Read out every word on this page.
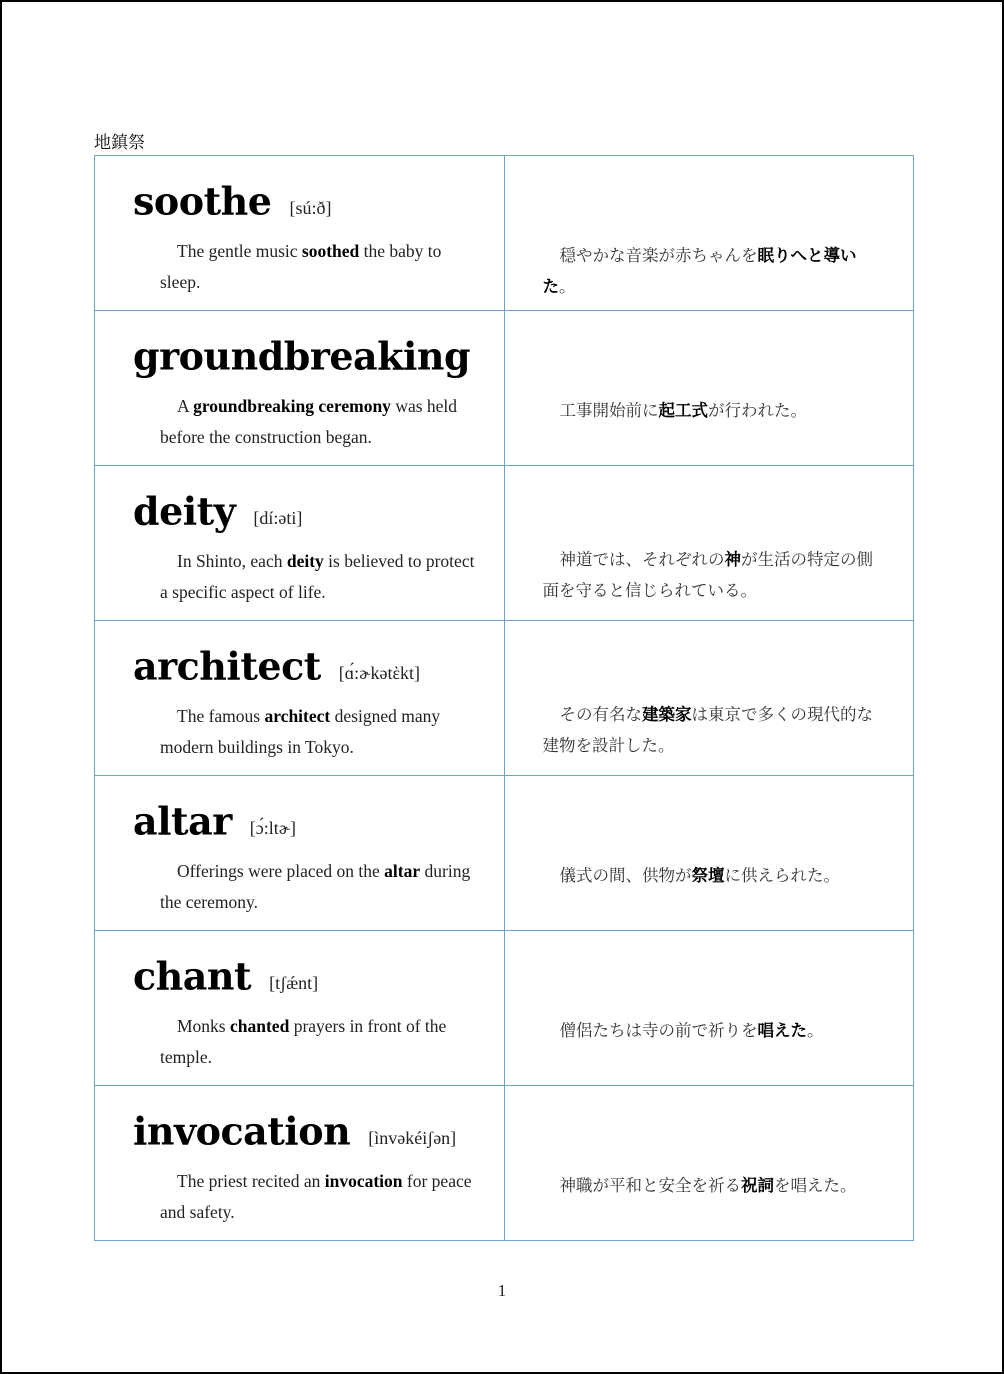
地鎮祭
soothe [sú:ð]
The gentle music soothed the baby to sleep.	穏やかな音楽が赤ちゃんを眠りへと導いた。

groundbreaking
A groundbreaking ceremony was held before the construction began.	工事開始前に起工式が行われた。

deity [dí:əti]
In Shinto, each deity is believed to protect a specific aspect of life.	神道では、それぞれの神が生活の特定の側面を守ると信じられている。

architect [ɑ́:ɚkətὲkt]
The famous architect designed many modern buildings in Tokyo.	その有名な建築家は東京で多くの現代的な建物を設計した。

altar [ɔ́:ltɚ]
Offerings were placed on the altar during the ceremony.	儀式の間、供物が祭壇に供えられた。

chant [tʃǽnt]
Monks chanted prayers in front of the temple.	僧侶たちは寺の前で祈りを唱えた。

invocation [ìnvəkéiʃən]
The priest recited an invocation for peace and safety.	神職が平和と安全を祈る祝詞を唱えた。
1
